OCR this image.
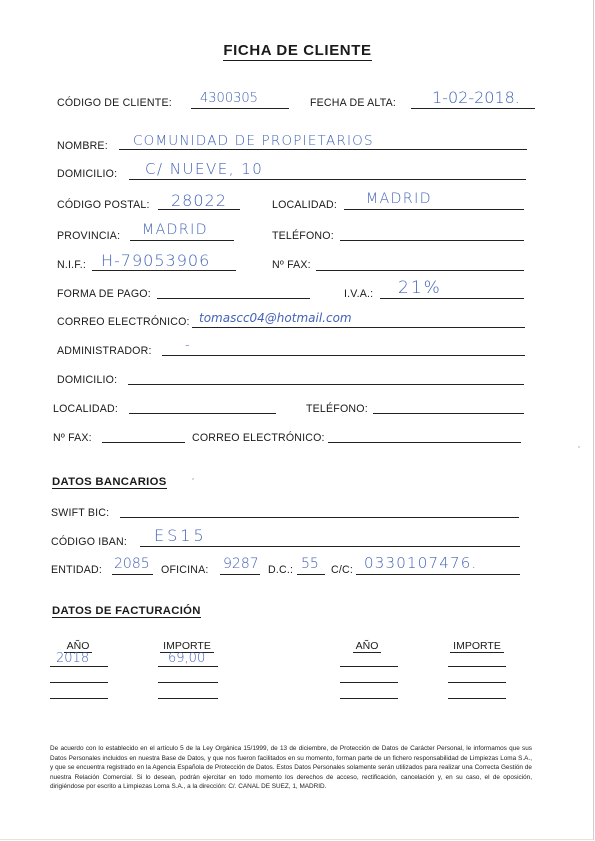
FICHA DE CLIENTE
CÓDIGO DE CLIENTE: 4300305	FECHA DE ALTA: 1-02-2018.
NOMBRE: COMUNIDAD DE PROPIETARIOS
DOMICILIO: C/ NUEVE, 10
CÓDIGO POSTAL: 28022	LOCALIDAD: MADRID
PROVINCIA: MADRID	TELÉFONO:
N.I.F.: H-79053906	Nº FAX:
FORMA DE PAGO:	I.V.A.: 21%
CORREO ELECTRÓNICO: tomascc04@hotmail.com
ADMINISTRADOR:	-
DOMICILIO:
LOCALIDAD:	TELÉFONO:
Nº FAX:	CORREO ELECTRÓNICO:
DATOS BANCARIOS
SWIFT BIC:
CÓDIGO IBAN: ES15
ENTIDAD: 2085 OFICINA: 9287 D.C.: 55 C/C: 0330107476.
DATOS DE FACTURACIÓN
AÑO	IMPORTE	AÑO	IMPORTE
2018	69,00
De acuerdo con lo establecido en el artículo 5 de la Ley Orgánica 15/1999, de 13 de diciembre, de Protección de Datos de Carácter Personal, le informamos que sus Datos Personales incluidos en nuestra Base de Datos, y que nos fueron facilitados en su momento, forman parte de un fichero responsabilidad de Limpiezas Loma S.A., y que se encuentra registrado en la Agencia Española de Protección de Datos. Estos Datos Personales solamente serán utilizados para realizar una Correcta Gestión de nuestra Relación Comercial. Si lo desean, podrán ejercitar en todo momento los derechos de acceso, rectificación, cancelación y, en su caso, el de oposición, dirigiéndose por escrito a Limpiezas Loma S.A., a la dirección: C/. CANAL DE SUEZ, 1, MADRID.
